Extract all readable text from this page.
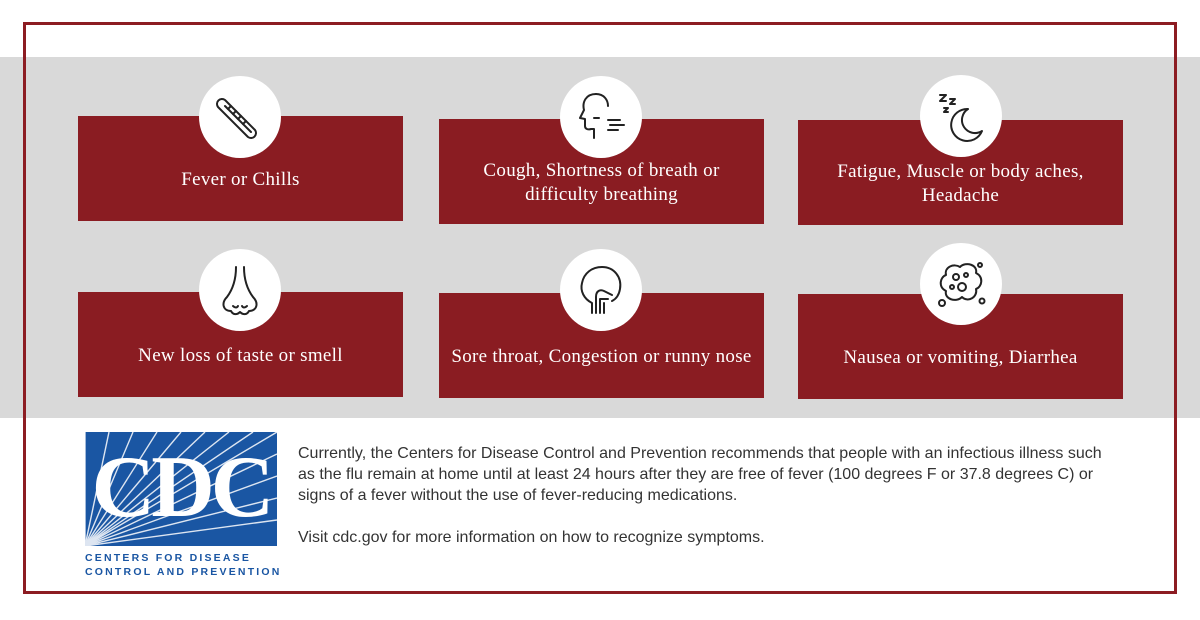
Fever or Chills	Cough, Shortness of breath or difficulty breathing
Fatigue, Muscle or body aches, Headache
New loss of taste or smell	Sore throat, Congestion or runny nose	Nausea or vomiting, Diarrhea
CDC
CENTERS FOR DISEASE
CONTROL AND PREVENTION

Currently, the Centers for Disease Control and Prevention recommends that people with an infectious illness such as the flu remain at home until at least 24 hours after they are free of fever (100 degrees F or 37.8 degrees C) or signs of a fever without the use of fever-reducing medications.

Visit cdc.gov for more information on how to recognize symptoms.
